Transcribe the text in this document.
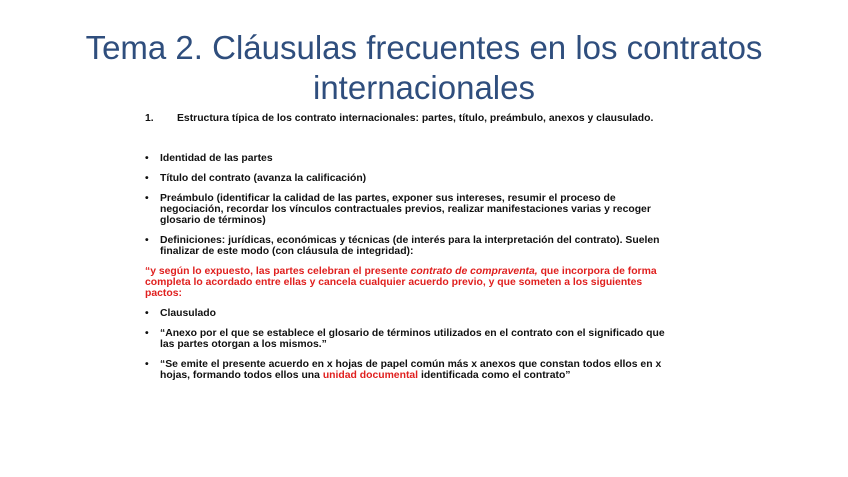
Tema 2. Cláusulas frecuentes en los contratos internacionales
1.	Estructura típica de los contrato internacionales: partes, título, preámbulo, anexos y clausulado.
•	Identidad de las partes
•	Título del contrato (avanza la calificación)
•	Preámbulo (identificar la calidad de las partes, exponer sus intereses, resumir el proceso de negociación, recordar los vínculos contractuales previos, realizar manifestaciones varias y recoger glosario de términos)
•	Definiciones: jurídicas, económicas y técnicas (de interés para la interpretación del contrato). Suelen finalizar de este modo (con cláusula de integridad):
“y según lo expuesto, las partes celebran el presente contrato de compraventa, que incorpora de forma completa lo acordado entre ellas y cancela cualquier acuerdo previo, y que someten a los siguientes pactos:
•	Clausulado
•	“Anexo por el que se establece el glosario de términos utilizados en el contrato con el significado que las partes otorgan a los mismos.”
•	“Se emite el presente acuerdo en x hojas de papel común más x anexos que constan todos ellos en x hojas, formando todos ellos una unidad documental identificada como el contrato”
